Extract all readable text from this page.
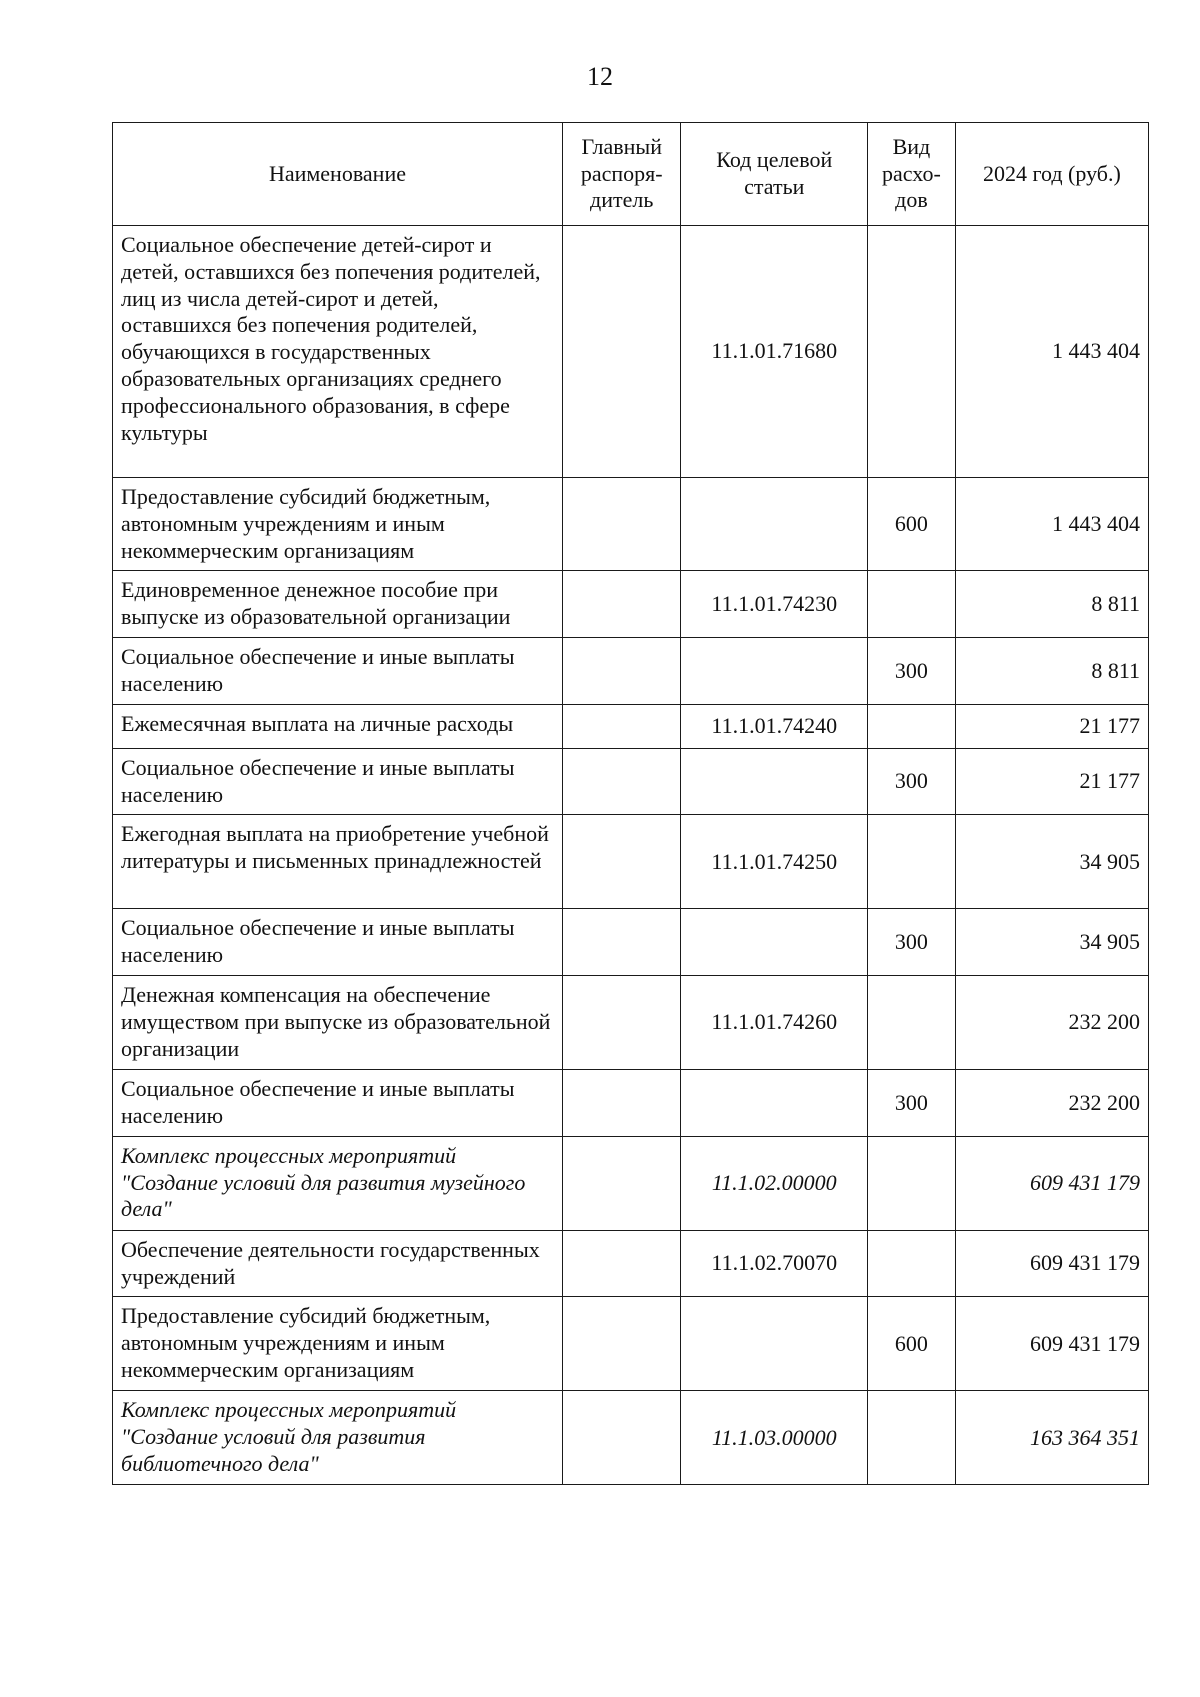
12
Наименование	Главный распоря-дитель	Код целевой статьи	Вид расхо-дов	2024 год (руб.)
Социальное обеспечение детей-сирот и детей, оставшихся без попечения родителей, лиц из числа детей-сирот и детей, оставшихся без попечения родителей, обучающихся в государственных образовательных организациях среднего профессионального образования, в сфере культуры		11.1.01.71680		1 443 404
Предоставление субсидий бюджетным, автономным учреждениям и иным некоммерческим организациям			600	1 443 404
Единовременное денежное пособие при выпуске из образовательной организации		11.1.01.74230		8 811
Социальное обеспечение и иные выплаты населению			300	8 811
Ежемесячная выплата на личные расходы		11.1.01.74240		21 177
Социальное обеспечение и иные выплаты населению			300	21 177
Ежегодная выплата на приобретение учебной литературы и письменных принадлежностей		11.1.01.74250		34 905
Социальное обеспечение и иные выплаты населению			300	34 905
Денежная компенсация на обеспечение имуществом при выпуске из образовательной организации		11.1.01.74260		232 200
Социальное обеспечение и иные выплаты населению			300	232 200
Комплекс процессных мероприятий "Создание условий для развития музейного дела"		11.1.02.00000		609 431 179
Обеспечение деятельности государственных учреждений		11.1.02.70070		609 431 179
Предоставление субсидий бюджетным, автономным учреждениям и иным некоммерческим организациям			600	609 431 179
Комплекс процессных мероприятий "Создание условий для развития библиотечного дела"		11.1.03.00000		163 364 351
